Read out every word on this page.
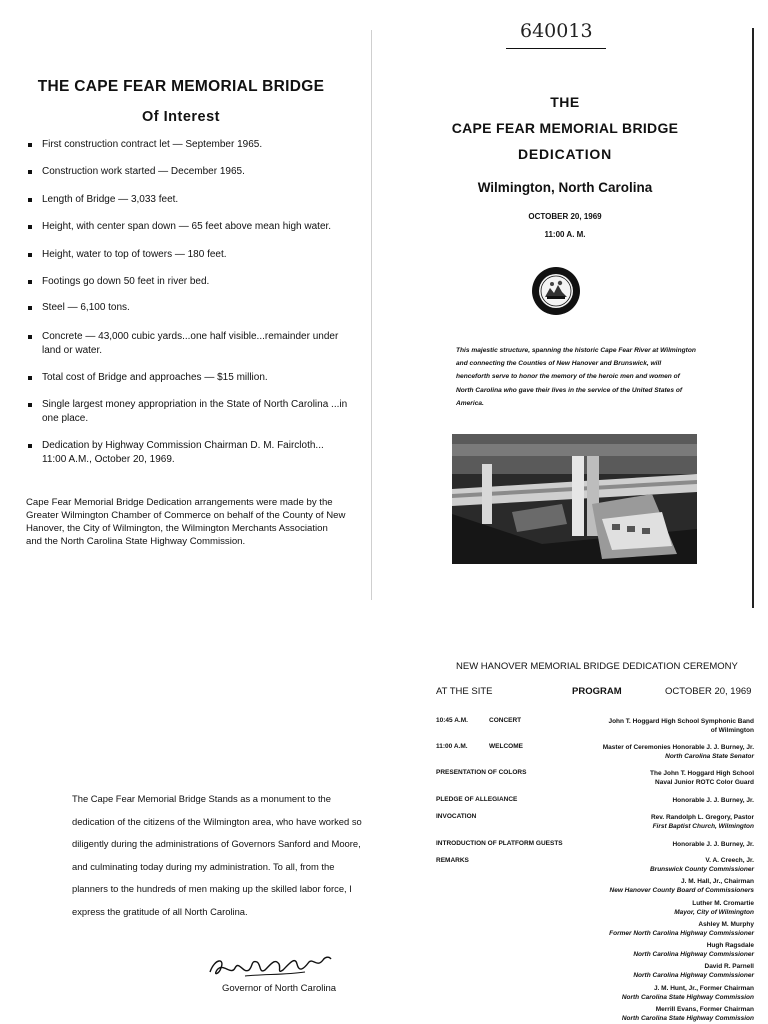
640013
THE CAPE FEAR MEMORIAL BRIDGE
Of Interest
First construction contract let — September 1965.
Construction work started — December 1965.
Length of Bridge — 3,033 feet.
Height, with center span down — 65 feet above mean high water.
Height, water to top of towers — 180 feet.
Footings go down 50 feet in river bed.
Steel — 6,100 tons.
Concrete — 43,000 cubic yards...one half visible...remainder under land or water.
Total cost of Bridge and approaches — $15 million.
Single largest money appropriation in the State of North Carolina ...in one place.
Dedication by Highway Commission Chairman D. M. Faircloth... 11:00 A.M., October 20, 1969.
Cape Fear Memorial Bridge Dedication arrangements were made by the Greater Wilmington Chamber of Commerce on behalf of the County of New Hanover, the City of Wilmington, the Wilmington Merchants Association and the North Carolina State Highway Commission.
THE
CAPE FEAR MEMORIAL BRIDGE
DEDICATION
Wilmington, North Carolina
OCTOBER 20, 1969
11:00 A. M.
This majestic structure, spanning the historic Cape Fear River at Wilmington and connecting the Counties of New Hanover and Brunswick, will henceforth serve to honor the memory of the heroic men and women of North Carolina who gave their lives in the service of the United States of America.
The Cape Fear Memorial Bridge Stands as a monument to the dedication of the citizens of the Wilmington area, who have worked so diligently during the administrations of Governors Sanford and Moore, and culminating today during my administration. To all, from the planners to the hundreds of men making up the skilled labor force, I express the gratitude of all North Carolina.
Governor of North Carolina
NEW HANOVER MEMORIAL BRIDGE DEDICATION CEREMONY
AT THE SITE	PROGRAM	OCTOBER 20, 1969
10:45 A.M.	CONCERT	John T. Hoggard High School Symphonic Band
of Wilmington
11:00 A.M.	WELCOME	Master of Ceremonies Honorable J. J. Burney, Jr.
North Carolina State Senator
PRESENTATION OF COLORS	The John T. Hoggard High School
Naval Junior ROTC Color Guard
PLEDGE OF ALLEGIANCE	Honorable J. J. Burney, Jr.
INVOCATION	Rev. Randolph L. Gregory, Pastor
First Baptist Church, Wilmington
INTRODUCTION OF PLATFORM GUESTS	Honorable J. J. Burney, Jr.
REMARKS	V. A. Creech, Jr.
Brunswick County Commissioner
J. M. Hall, Jr., Chairman
New Hanover County Board of Commissioners
Luther M. Cromartie
Mayor, City of Wilmington
Ashley M. Murphy
Former North Carolina Highway Commissioner
Hugh Ragsdale
North Carolina Highway Commissioner
David R. Parnell
North Carolina Highway Commissioner
J. M. Hunt, Jr., Former Chairman
North Carolina State Highway Commission
Merrill Evans, Former Chairman
North Carolina State Highway Commission
